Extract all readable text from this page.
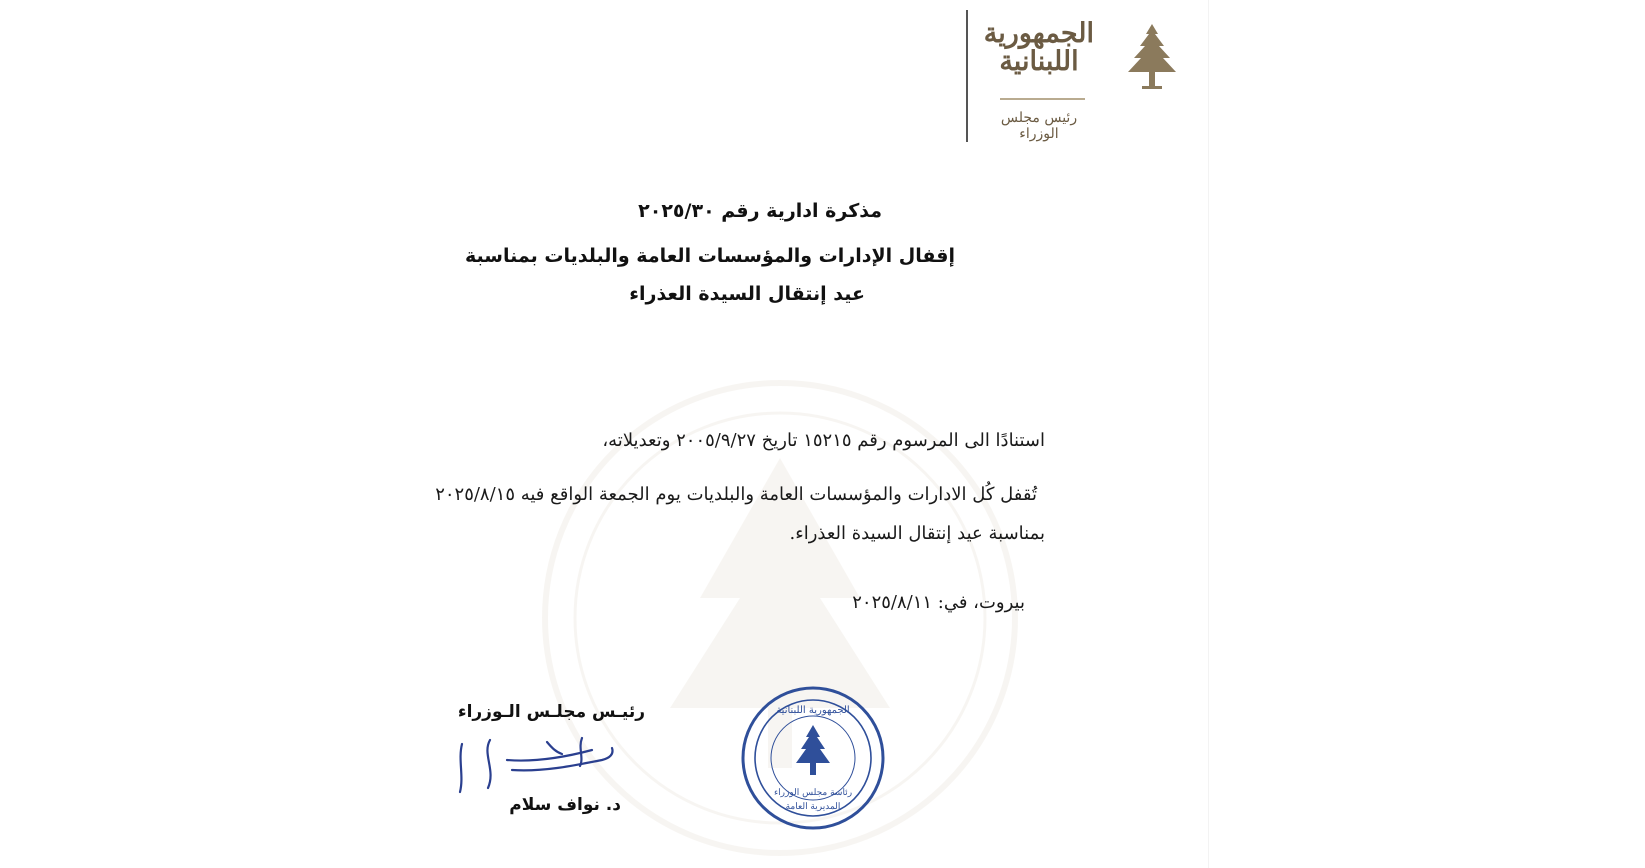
الجمهورية
اللبنانية
رئيس مجلس الوزراء
مذكرة ادارية رقم ٢٠٢٥/٣٠
إقفال الإدارات والمؤسسات العامة والبلديات بمناسبة
عيد إنتقال السيدة العذراء
استنادًا الى المرسوم رقم ١٥٢١٥ تاريخ ٢٠٠٥/٩/٢٧ وتعديلاته،
تُقفل كُل الادارات والمؤسسات العامة والبلديات يوم الجمعة الواقع فيه ٢٠٢٥/٨/١٥
بمناسبة عيد إنتقال السيدة العذراء.
بيروت، في: ٢٠٢٥/٨/١١
رئيـس مجلـس الـوزراء
د. نواف سلام
الجمهورية اللبنانية
رئاسة مجلس الوزراء
المديرية العامة
